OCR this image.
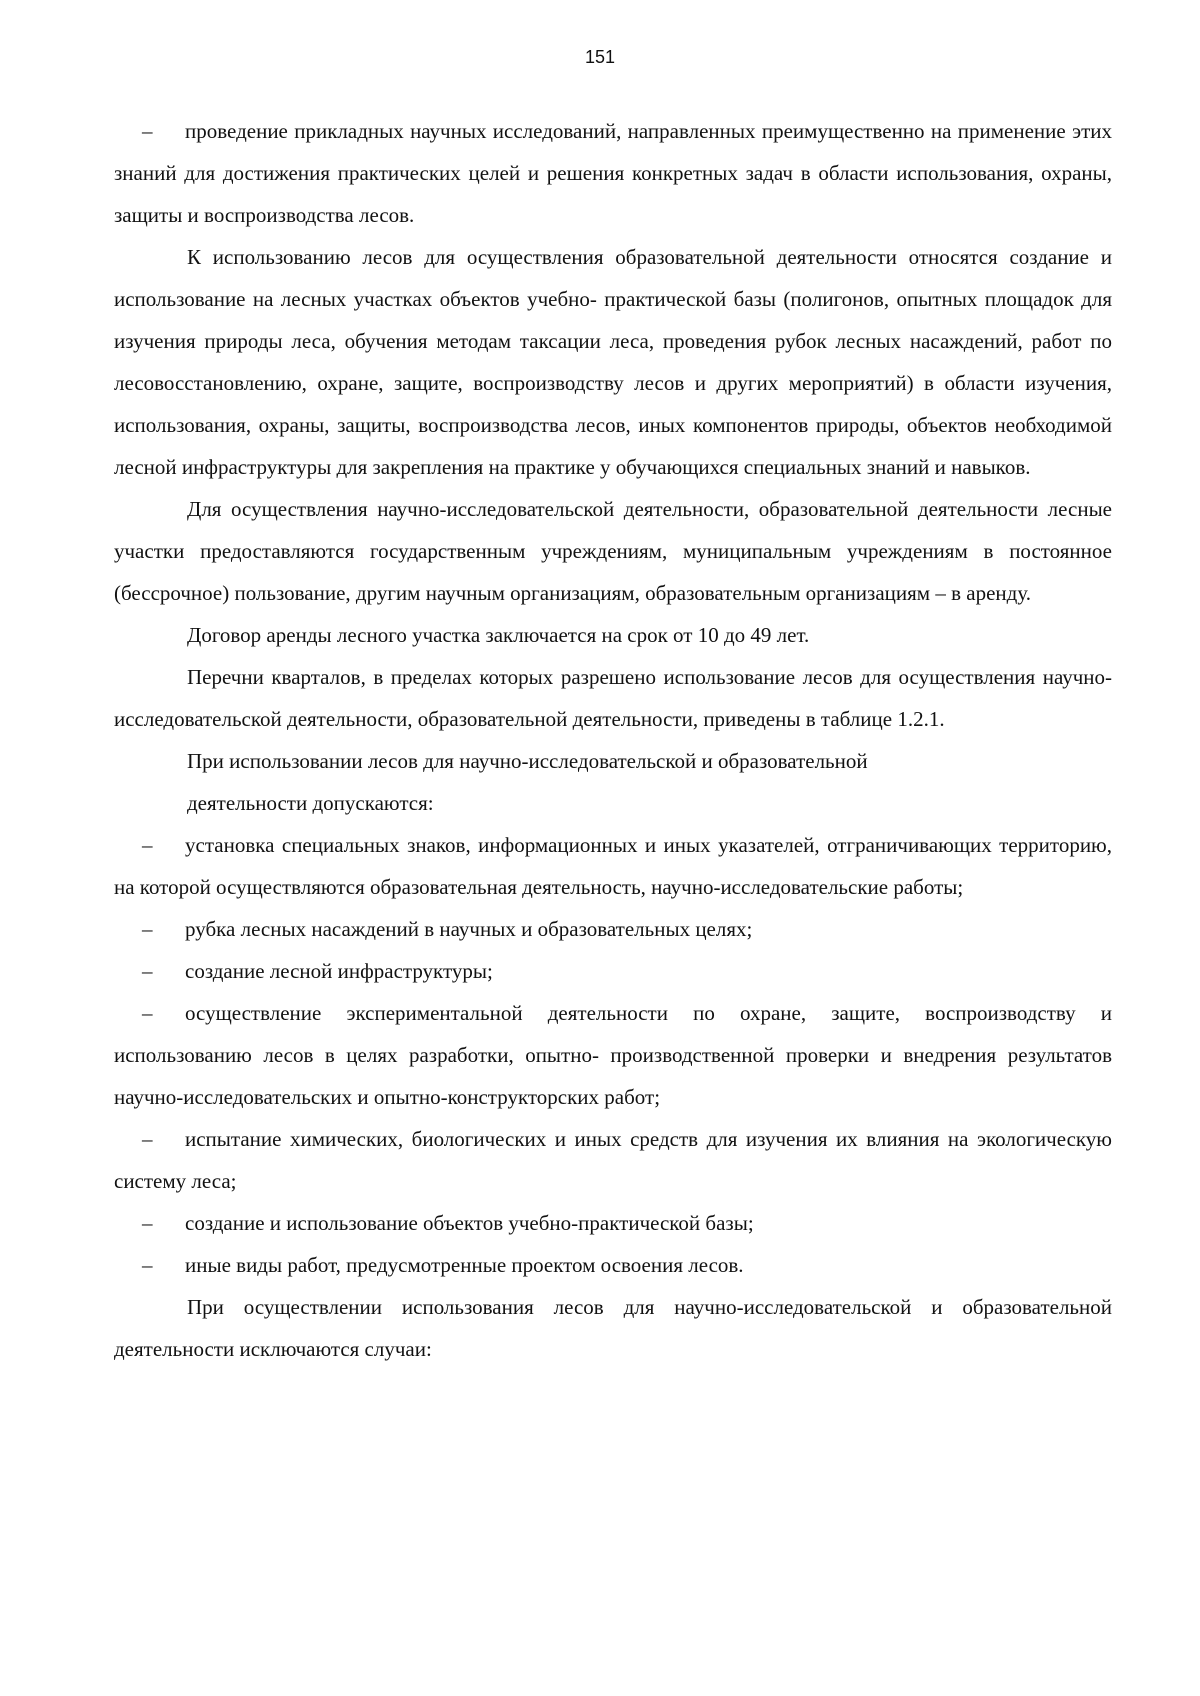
151

– проведение прикладных научных исследований, направленных преимущественно на применение этих знаний для достижения практических целей и решения конкретных задач в области использования, охраны, защиты и воспроизводства лесов.

К использованию лесов для осуществления образовательной деятельности относятся создание и использование на лесных участках объектов учебно- практической базы (полигонов, опытных площадок для изучения природы леса, обучения методам таксации леса, проведения рубок лесных насаждений, работ по лесовосстановлению, охране, защите, воспроизводству лесов и других мероприятий) в области изучения, использования, охраны, защиты, воспроизводства лесов, иных компонентов природы, объектов необходимой лесной инфраструктуры для закрепления на практике у обучающихся специальных знаний и навыков.

Для осуществления научно-исследовательской деятельности, образовательной деятельности лесные участки предоставляются государственным учреждениям, муниципальным учреждениям в постоянное (бессрочное) пользование, другим научным организациям, образовательным организациям – в аренду.

Договор аренды лесного участка заключается на срок от 10 до 49 лет.

Перечни кварталов, в пределах которых разрешено использование лесов для осуществления научно-исследовательской деятельности, образовательной деятельности, приведены в таблице 1.2.1.

При использовании лесов для научно-исследовательской и образовательной

деятельности допускаются:

– установка специальных знаков, информационных и иных указателей, отграничивающих территорию, на которой осуществляются образовательная деятельность, научно-исследовательские работы;

– рубка лесных насаждений в научных и образовательных целях;

– создание лесной инфраструктуры;

– осуществление экспериментальной деятельности по охране, защите, воспроизводству и использованию лесов в целях разработки, опытно- производственной проверки и внедрения результатов научно-исследовательских и опытно-конструкторских работ;

– испытание химических, биологических и иных средств для изучения их влияния на экологическую систему леса;

– создание и использование объектов учебно-практической базы;

– иные виды работ, предусмотренные проектом освоения лесов.

При осуществлении использования лесов для научно-исследовательской и образовательной деятельности исключаются случаи:
